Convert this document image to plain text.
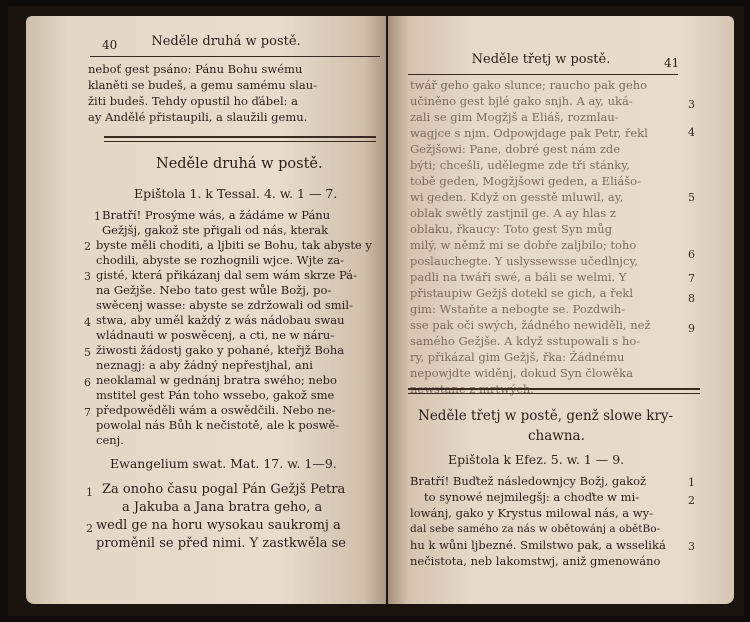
40	Neděle druhá w postě.
neboť gest psáno: Pánu Bohu swému
klaněti se budeš, a gemu samému slau-
žiti budeš. Tehdy opustil ho ďábel: a
ay Andělé přistaupili, a slaužili gemu.
Neděle druhá w postě.
Epištola 1. k Tessal. 4. w. 1 — 7.
Bratří! Prosýme wás, a žádáme w Pánu
Gežjšj, gakož ste přigali od nás, kterak
byste měli choditi, a ljbiti se Bohu, tak abyste y
chodili, abyste se rozhognili wjce. Wjte za-
gisté, která přikázanj dal sem wám skrze Pá-
na Gežjše. Nebo tato gest wůle Božj, po-
swěcenj wasse: abyste se zdržowali od smil-
stwa, aby uměl každý z wás nádobau swau
wládnauti w poswěcenj, a cti, ne w náru-
žiwosti žádostj gako y pohané, kteřjž Boha
neznagj: a aby žádný nepřestjhal, ani
neoklamal w gednánj bratra swého; nebo
mstitel gest Pán toho wssebo, gakož sme
předpowěděli wám a oswědčili. Nebo ne-
powolal nás Bůh k nečistotě, ale k poswě-
cenj.
1
2
3
4
5
6
7
Ewangelium swat. Mat. 17. w. 1—9.
Za onoho času pogal Pán Gežjš Petra
a Jakuba a Jana bratra geho, a
wedl ge na horu wysokau saukromj a
proměnil se před nimi. Y zastkwěla se
1
2
41
Neděle třetj w postě.
twář geho gako slunce; raucho pak geho
učiněno gest bjlé gako snjh. A ay, uká-
zali se gim Mogžjš a Eliáš, rozmlau-
wagjce s njm. Odpowjdage pak Petr, řekl
Gežjšowi: Pane, dobré gest nám zde
býti; chcešli, udělegme zde tři stánky,
tobě geden, Mogžjšowi geden, a Eliášo-
wi geden. Když on gesstě mluwil, ay,
oblak swětlý zastjnil ge. A ay hlas z
oblaku, řkaucy: Toto gest Syn můg
milý, w němž mi se dobře zaljbilo; toho
poslauchegte. Y uslyssewsse učedlnjcy,
padli na twáři swé, a báli se welmi. Y
přistaupiw Gežjš dotekl se gich, a řekl
gim: Wstaňte a nebogte se. Pozdwih-
sse pak oči swých, žádného newiděli, než
samého Gežjše. A když sstupowali s ho-
ry, přikázal gim Gežjš, řka: Žádnému
nepowjdte widěnj, dokud Syn člowěka
3
4
5
6
7
8
9
Neděle třetj w postě, genž slowe kry-
chawna.
Epištola k Efez. 5. w. 1 — 9.
Bratří! Buďtež následownjcy Božj, gakož
to synowé nejmilegšj: a choďte w mi-
lowánj, gako y Krystus milowal nás, a wy-
dal sebe samého za nás w obětowánj a obětBo-
hu k wůni ljbezné. Smilstwo pak, a wsseliká
nečistota, neb lakomstwj, aniž gmenowáno
1
2
3
